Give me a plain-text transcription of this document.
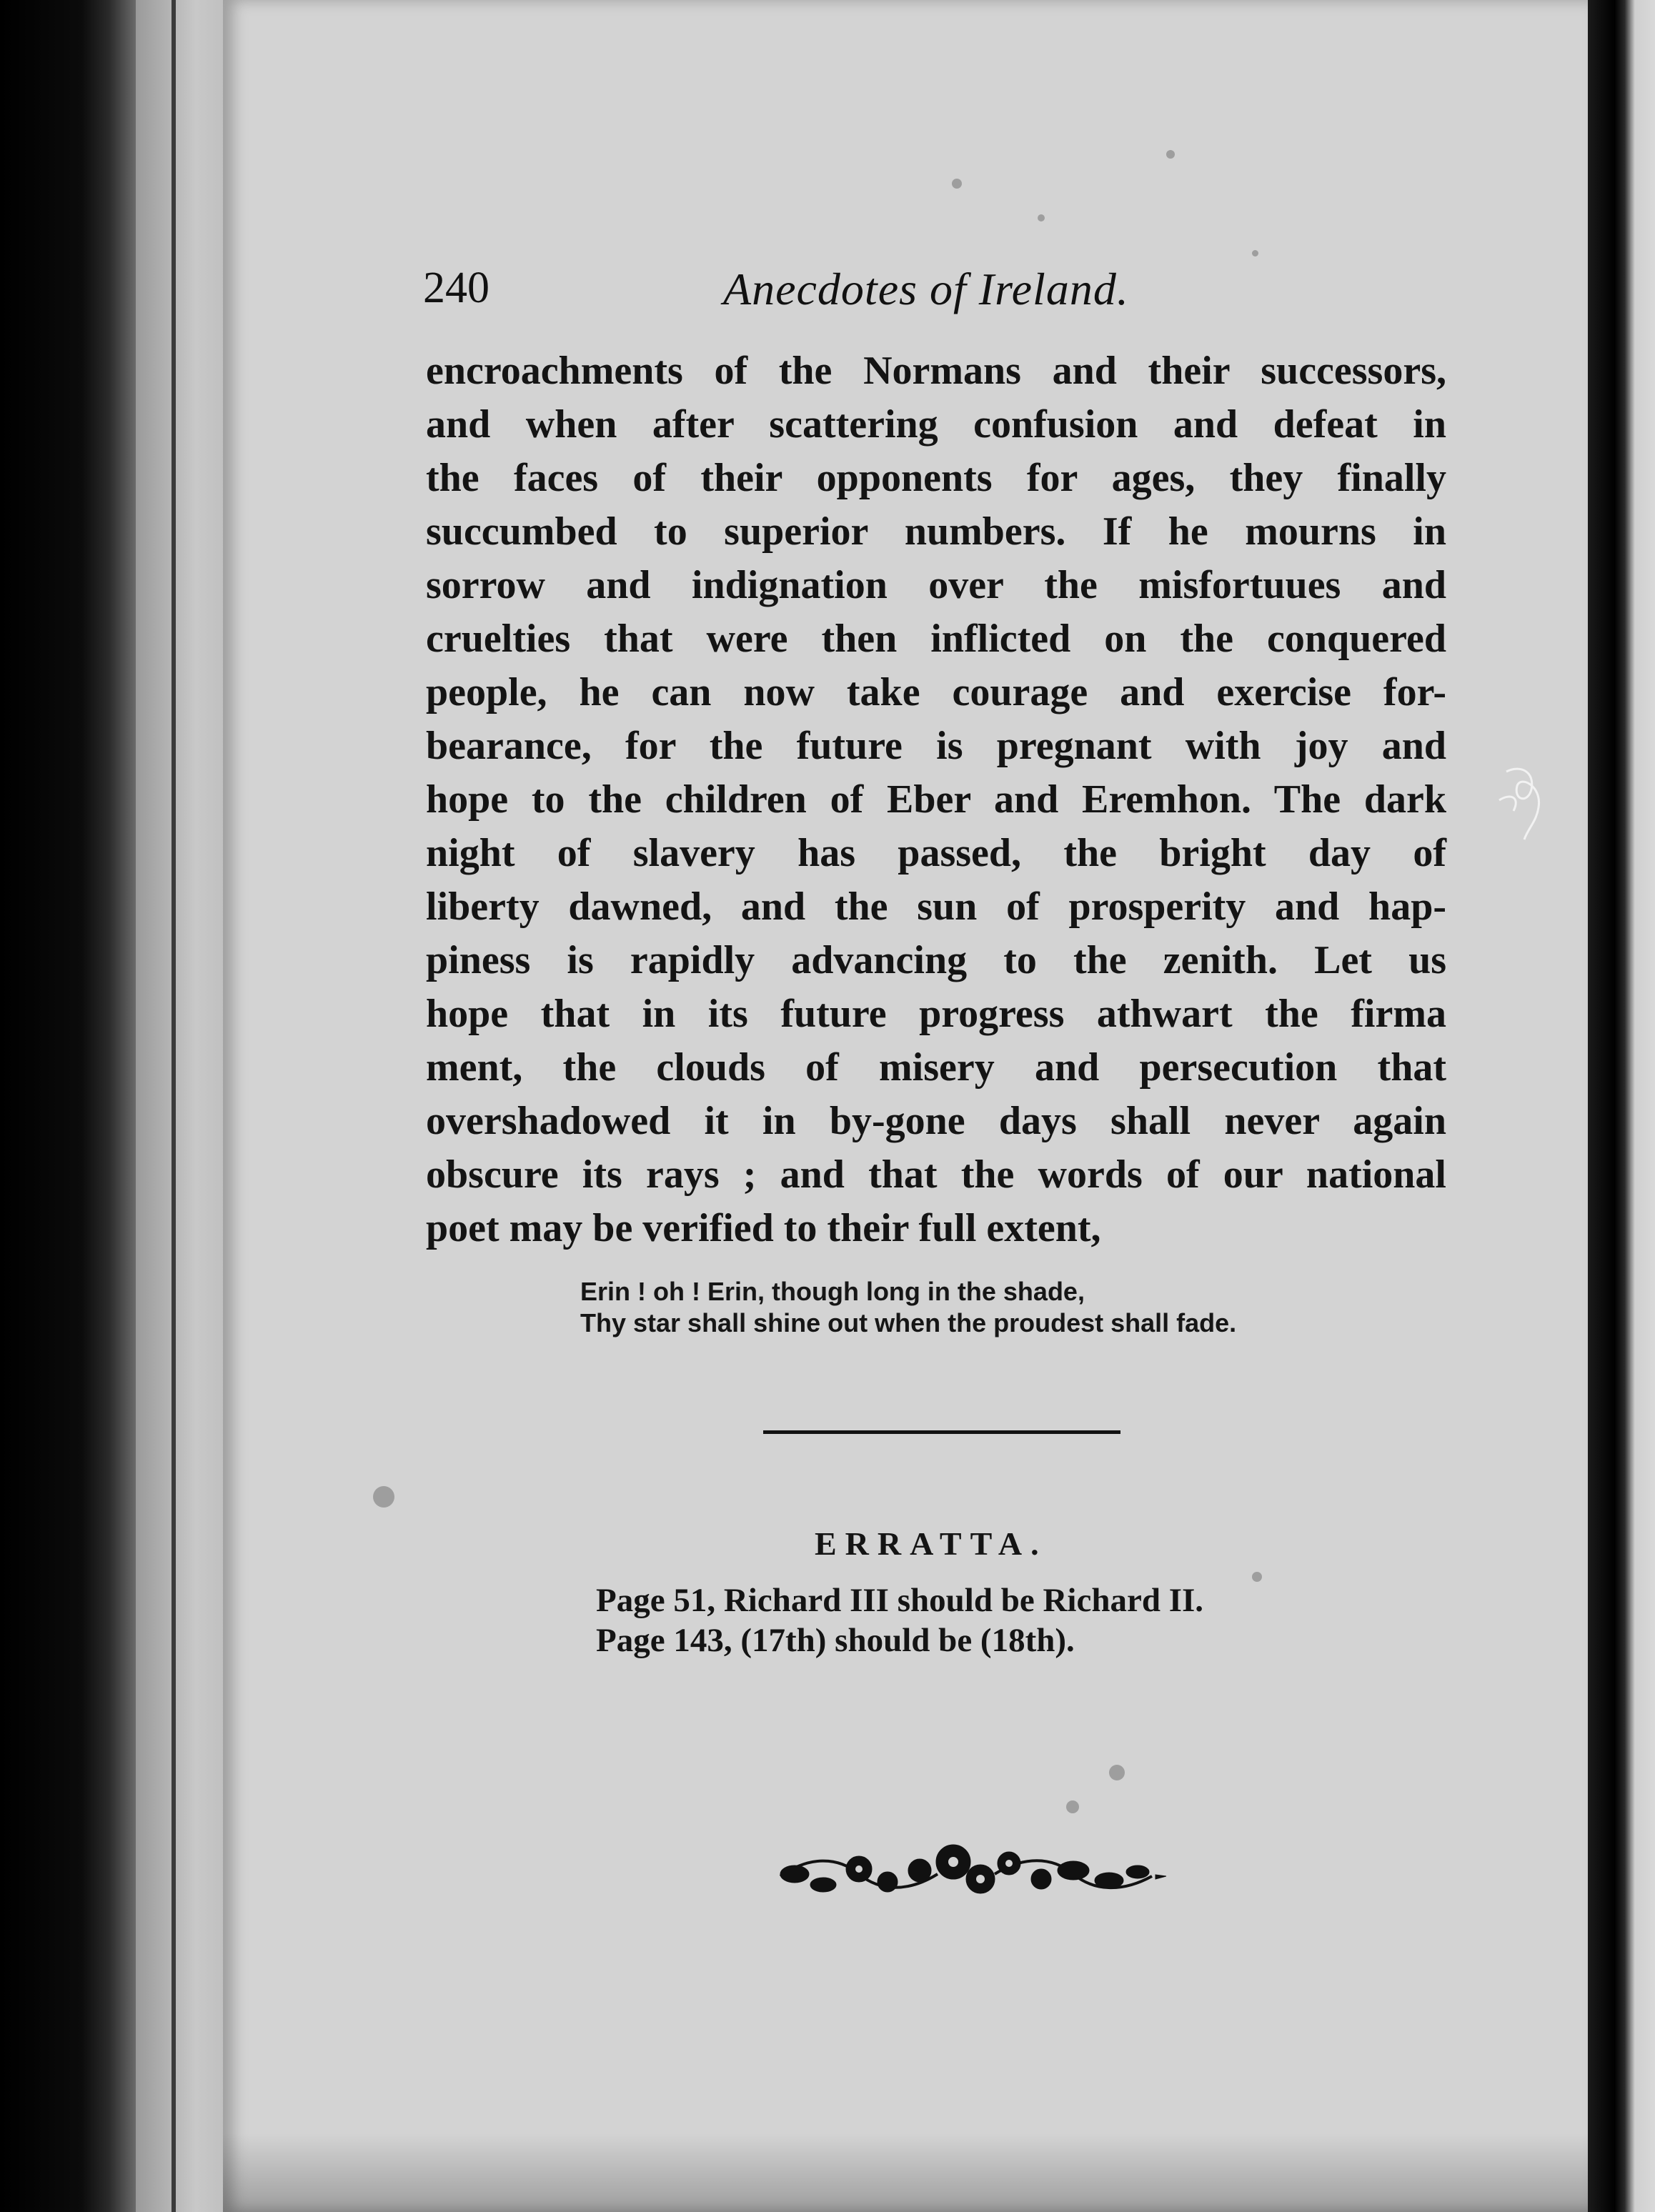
240	Anecdotes of Ireland.
encroachments of the Normans and their successors,
and when after scattering confusion and defeat in
the faces of their opponents for ages, they finally
succumbed to superior numbers. If he mourns in
sorrow and indignation over the misfortuues and
cruelties that were then inflicted on the conquered
people, he can now take courage and exercise for-
bearance, for the future is pregnant with joy and
hope to the children of Eber and Eremhon. The dark
night of slavery has passed, the bright day of
liberty dawned, and the sun of prosperity and hap-
piness is rapidly advancing to the zenith. Let us
hope that in its future progress athwart the firma
ment, the clouds of misery and persecution that
overshadowed it in by-gone days shall never again
obscure its rays ; and that the words of our national
poet may be verified to their full extent,
Erin ! oh ! Erin, though long in the shade,
Thy star shall shine out when the proudest shall fade.
ERRATTA.
Page 51, Richard III should be Richard II.
Page 143, (17th) should be (18th).
